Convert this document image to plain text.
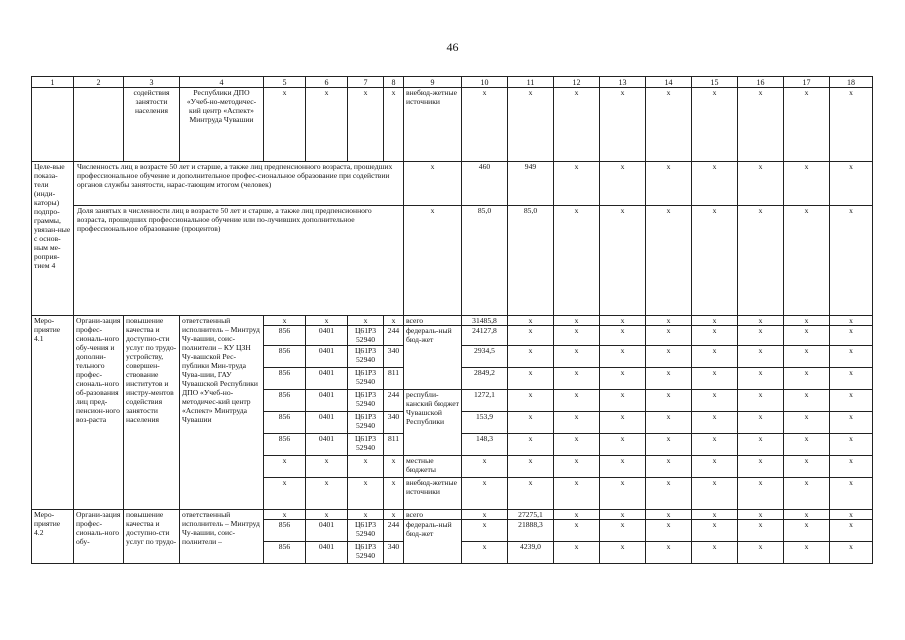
46
1	2	3	4	5	6	7	8	9	10	11	12	13	14	15	16	17	18
		содействия занятости населения	Республики ДПО «Учеб-но-методичес-кий центр «Аспект» Минтруда Чувашии	x	x	x	x	внебюд-жетные источники	x	x	x	x	x	x	x	x	x
Целе-вые показа-тели (инди-каторы) подпро-граммы, увязан-ные с основ-ным ме-роприя-тием 4	Численность лиц в возрасте 50 лет и старше, а также лиц предпенсионного возраста, прошедших профессиональное обучение и дополнительное профес-сиональное образование при содействии органов службы занятости, нарас-тающим итогом (человек)							x	460	949	x	x	x	x	x	x	x
	Доля занятых в численности лиц в возрасте 50 лет и старше, а также лиц предпенсионного возраста, прошедших профессиональное обучение или по-лучивших дополнительное профессиональное образование (процентов)							x	85,0	85,0	x	x	x	x	x	x	x
Меро-приятие 4.1	Органи-зация профес-сиональ-ного обу-чения и дополни-тельного профес-сиональ-ного об-разования лиц пред-пенсион-ного воз-раста	повышение качества и доступно-сти услуг по трудо-устройству, совершен-ствование институтов и инстру-ментов содействия занятости населения	ответственный исполнитель – Минтруд Чу-вашии, соис-полнители – КУ ЦЗН Чу-вашской Рес-публики Мин-труда Чува-шии, ГАУ Чувашской Республики ДПО «Учеб-но-методичес-кий центр «Аспект» Минтруда Чувашии	x	x	x	x	всего	31485,8	x	x	x	x	x	x	x	x
				856	0401	Ц61Р3 52940	244	федераль-ный бюд-жет	24127,8	x	x	x	x	x	x	x	x
				856	0401	Ц61Р3 52940	340		2934,5	x	x	x	x	x	x	x	x
				856	0401	Ц61Р3 52940	811		2849,2	x	x	x	x	x	x	x	x
				856	0401	Ц61Р3 52940	244	республи-канский бюджет Чувашской Республики	1272,1	x	x	x	x	x	x	x	x
				856	0401	Ц61Р3 52940	340		153,9	x	x	x	x	x	x	x	x
				856	0401	Ц61Р3 52940	811		148,3	x	x	x	x	x	x	x	x
				x	x	x	x	местные бюджеты	x	x	x	x	x	x	x	x	x
				x	x	x	x	внебюд-жетные источники	x	x	x	x	x	x	x	x	x
Меро-приятие 4.2	Органи-зация профес-сиональ-ного обу-	повышение качества и доступно-сти услуг по трудо-	ответственный исполнитель – Минтруд Чу-вашии, соис-полнители –	x	x	x	x	всего	x	27275,1	x	x	x	x	x	x	x
				856	0401	Ц61Р3 52940	244	федераль-ный бюд-жет	x	21888,3	x	x	x	x	x	x	x
				856	0401	Ц61Р3 52940	340		x	4239,0	x	x	x	x	x	x	x
